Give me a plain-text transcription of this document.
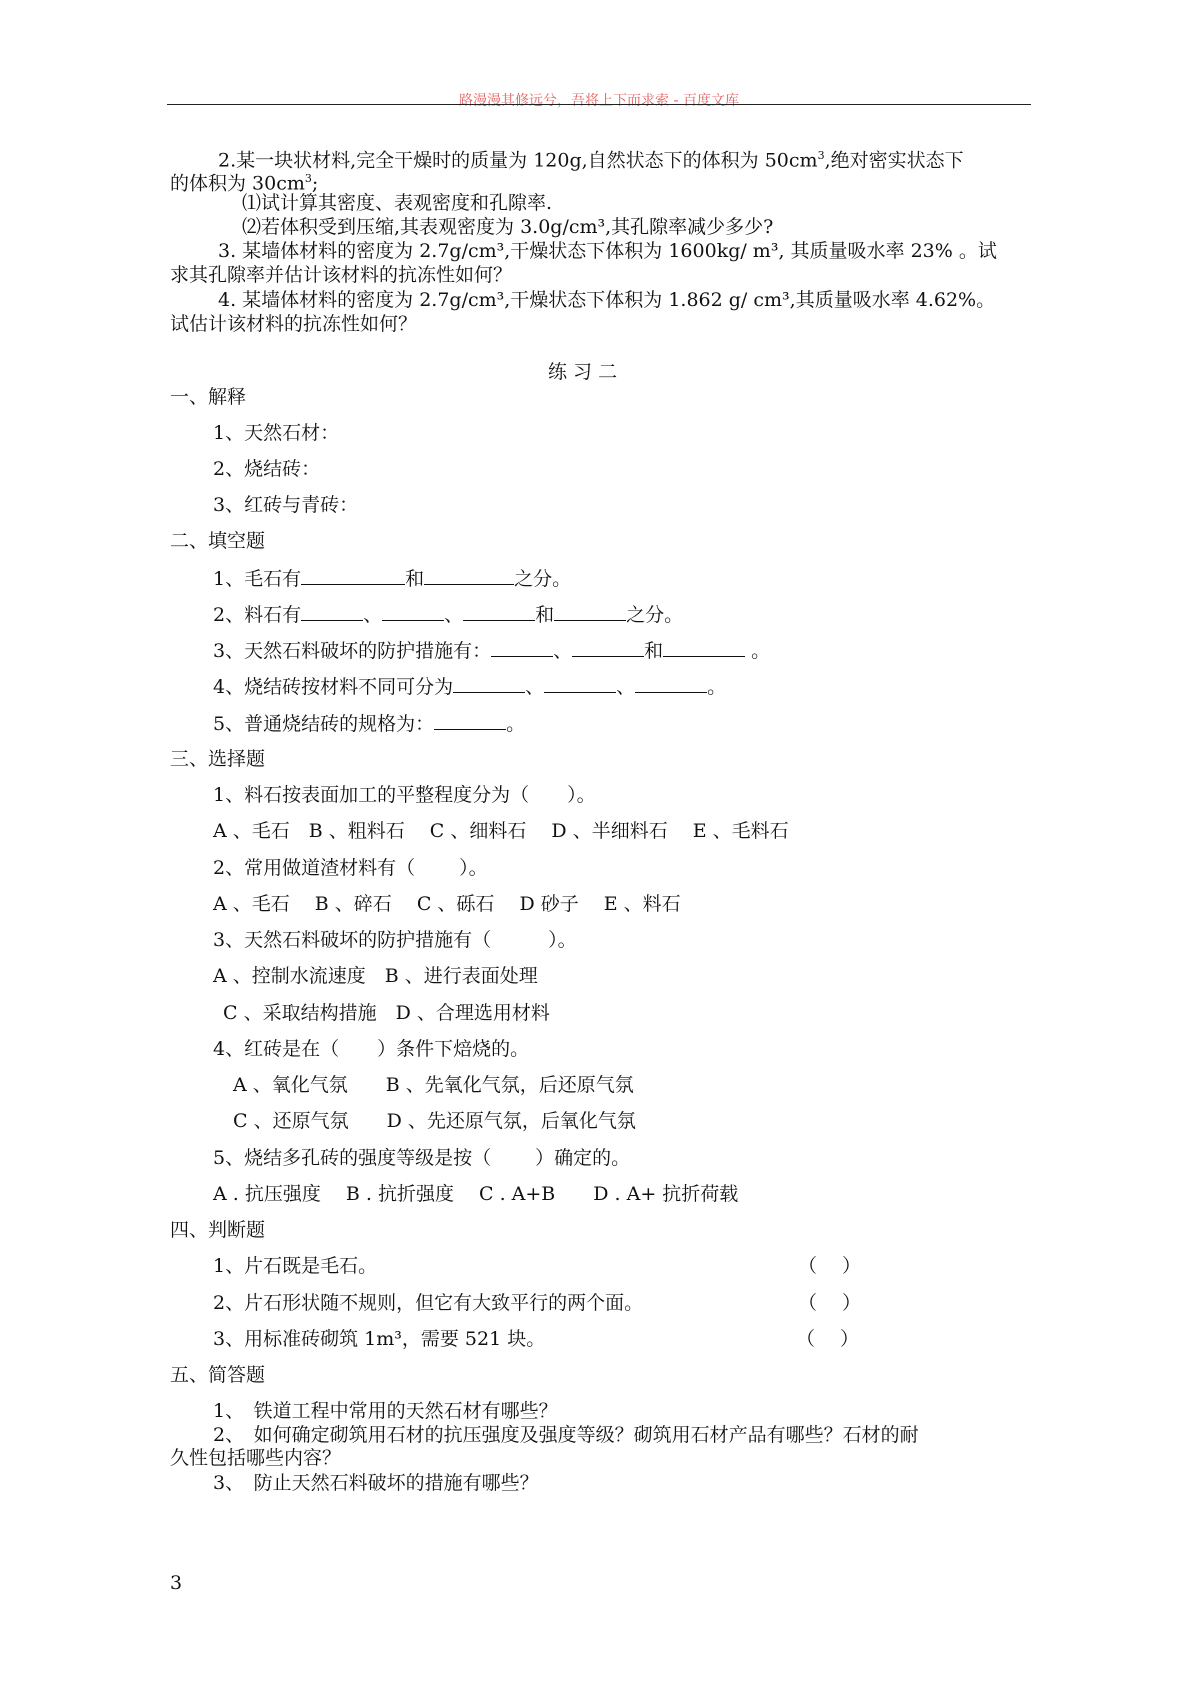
路漫漫其修远兮，吾将上下而求索 - 百度文库
2.某一块状材料,完全干燥时的质量为 120g,自然状态下的体积为 $50cm^3$,绝对密实状态下
的体积为 $30cm^3$;
⑴试计算其密度、表观密度和孔隙率.
⑵若体积受到压缩,其表观密度为 3.0g/cm³,其孔隙率减少多少?
3. 某墙体材料的密度为 2.7g/cm³,干燥状态下体积为 1600kg/ m³, 其质量吸水率 23% 。试
求其孔隙率并估计该材料的抗冻性如何？
4. 某墙体材料的密度为 2.7g/cm³,干燥状态下体积为 1.862 g/ cm³,其质量吸水率 4.62%。
试估计该材料的抗冻性如何？
练 习 二
一、解释
1、天然石材：
2、烧结砖：
3、红砖与青砖：
二、填空题
1、毛石有	和	之分。
2、料石有	、	、	和	之分。
3、天然石料破坏的防护措施有：	、	和	。
4、烧结砖按材料不同可分为	、	、	。
5、普通烧结砖的规格为：	。
三、选择题
1、料石按表面加工的平整程度分为（　　）。
A 、毛石　B 、粗料石　 C 、细料石　 D 、半细料石　 E 、毛料石
2、常用做道渣材料有（　　 ）。
A 、毛石　 B 、碎石　 C 、砾石　 D 砂子　 E 、料石
3、天然石料破坏的防护措施有（　　　）。
A 、控制水流速度　B 、进行表面处理
C 、采取结构措施　D 、合理选用材料
4、红砖是在（　　）条件下焙烧的。
A 、氧化气氛　　B 、先氧化气氛，后还原气氛
C 、还原气氛　　D 、先还原气氛，后氧化气氛
5、烧结多孔砖的强度等级是按（　　 ）确定的。
A . 抗压强度　 B . 抗折强度　 C . A+B　　D . A+ 抗折荷载
四、判断题
1、片石既是毛石。	（　 ）
2、片石形状随不规则，但它有大致平行的两个面。	（　 ）
3、用标准砖砌筑 1m³，需要 521 块。	（　 ）
五、简答题
1、　铁道工程中常用的天然石材有哪些？
2、　如何确定砌筑用石材的抗压强度及强度等级？砌筑用石材产品有哪些？石材的耐
久性包括哪些内容？
3、　防止天然石料破坏的措施有哪些？
3
